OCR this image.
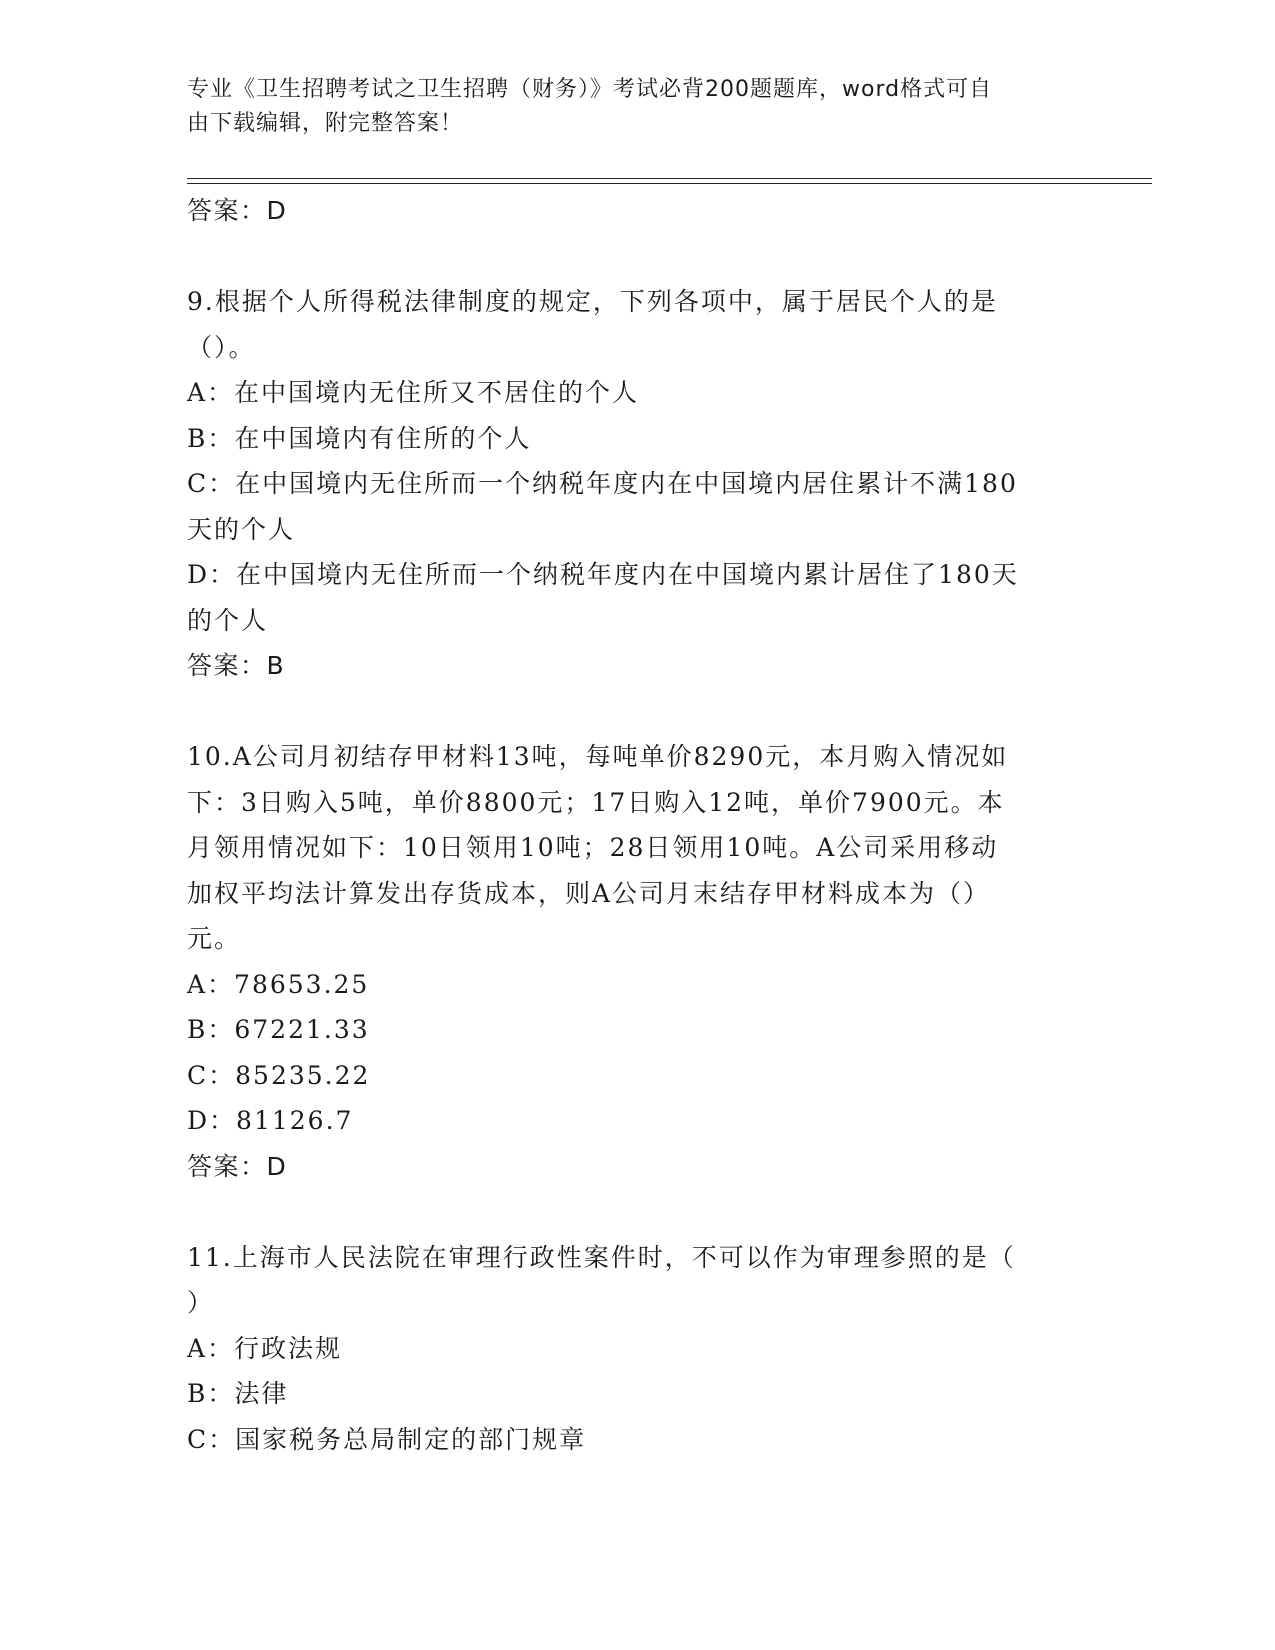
专业《卫生招聘考试之卫生招聘（财务）》考试必背200题题库，word格式可自
由下载编辑，附完整答案！
答案：D
9.根据个人所得税法律制度的规定，下列各项中，属于居民个人的是
（）。
A：在中国境内无住所又不居住的个人
B：在中国境内有住所的个人
C：在中国境内无住所而一个纳税年度内在中国境内居住累计不满180
天的个人
D：在中国境内无住所而一个纳税年度内在中国境内累计居住了180天
的个人
答案：B
10.A公司月初结存甲材料13吨，每吨单价8290元，本月购入情况如
下：3日购入5吨，单价8800元；17日购入12吨，单价7900元。本
月领用情况如下：10日领用10吨；28日领用10吨。A公司采用移动
加权平均法计算发出存货成本，则A公司月末结存甲材料成本为（）
元。
A：78653.25
B：67221.33
C：85235.22
D：81126.7
答案：D
11.上海市人民法院在审理行政性案件时，不可以作为审理参照的是（
）
A：行政法规
B：法律
C：国家税务总局制定的部门规章
